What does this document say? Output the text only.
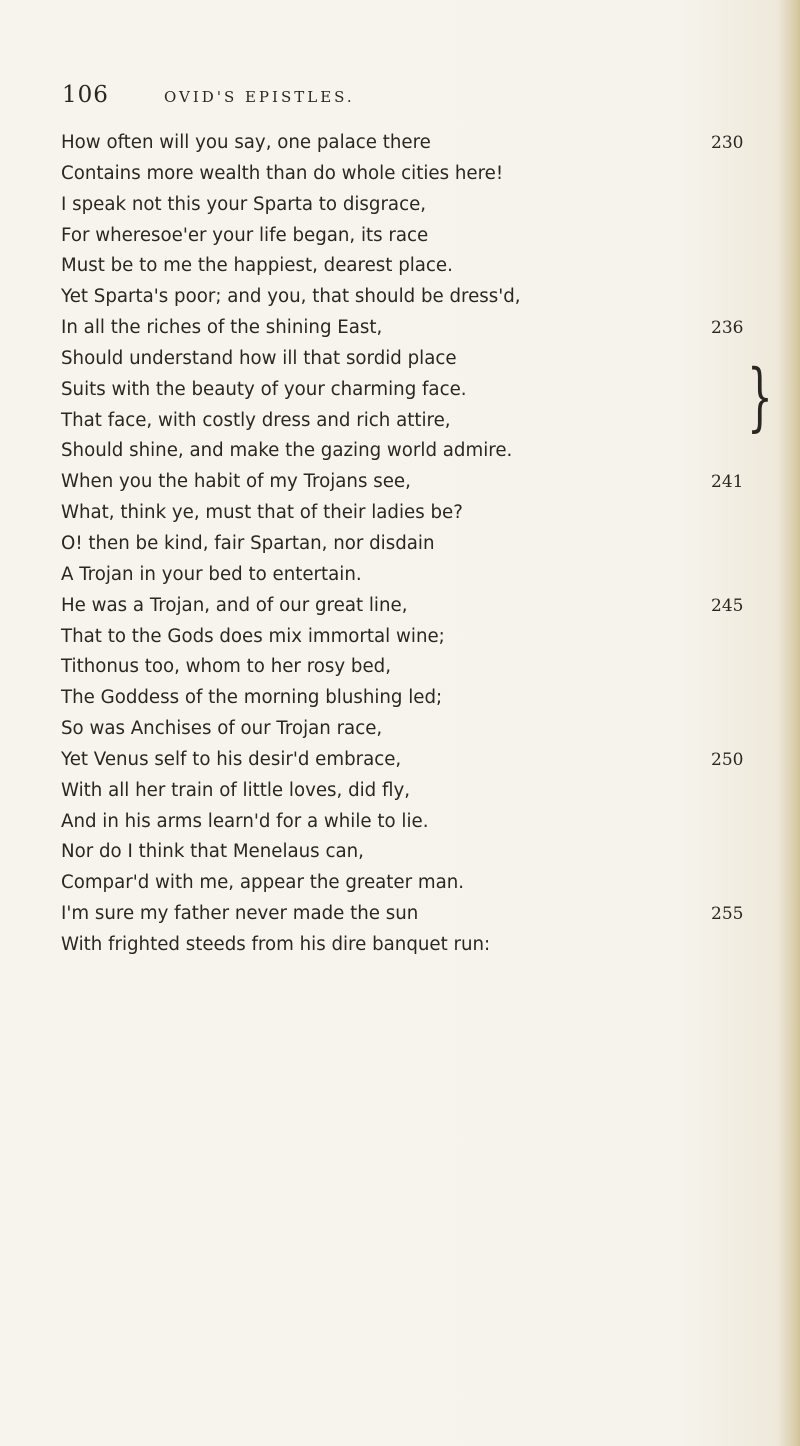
106	OVID'S EPISTLES.
How often will you say, one palace there	230
Contains more wealth than do whole cities here!
I speak not this your Sparta to disgrace,
For wheresoe'er your life began, its race
Must be to me the happiest, dearest place.
Yet Sparta's poor; and you, that should be dress'd,
In all the riches of the shining East,	236
Should understand how ill that sordid place
Suits with the beauty of your charming face.
That face, with costly dress and rich attire,
Should shine, and make the gazing world admire.
When you the habit of my Trojans see,	241
What, think ye, must that of their ladies be?
O! then be kind, fair Spartan, nor disdain
A Trojan in your bed to entertain.
He was a Trojan, and of our great line,	245
That to the Gods does mix immortal wine;
Tithonus too, whom to her rosy bed,
The Goddess of the morning blushing led;
So was Anchises of our Trojan race,
Yet Venus self to his desir'd embrace,	250
With all her train of little loves, did fly,
And in his arms learn'd for a while to lie.
Nor do I think that Menelaus can,
Compar'd with me, appear the greater man.
I'm sure my father never made the sun	255
With frighted steeds from his dire banquet run:
}
